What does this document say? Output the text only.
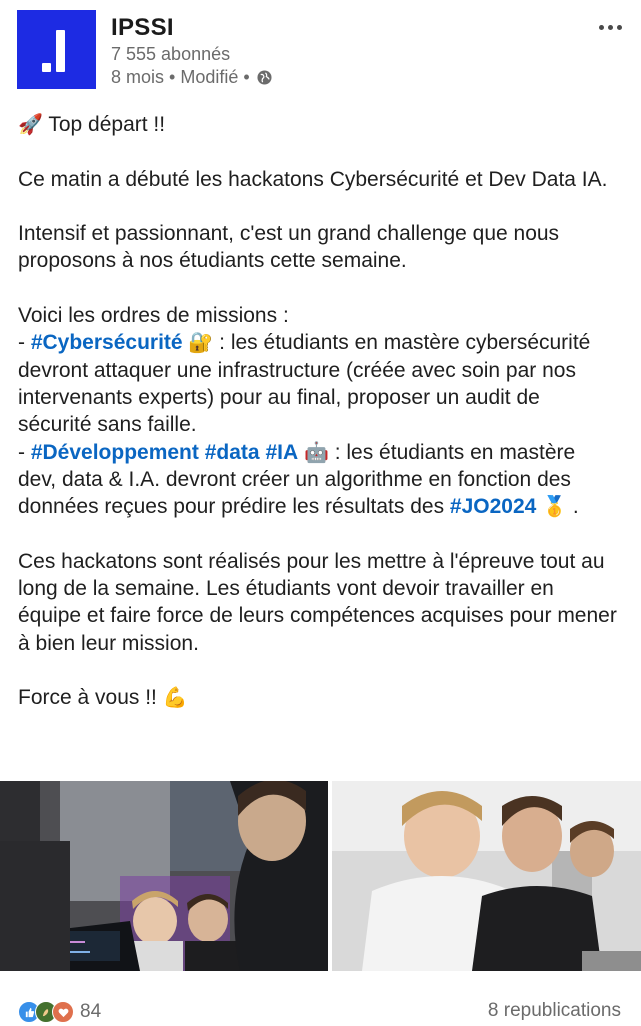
IPSSI
7 555 abonnés
8 mois • Modifié •

🚀 Top départ !!

Ce matin a débuté les hackatons Cybersécurité et Dev Data IA.

Intensif et passionnant, c'est un grand challenge que nous proposons à nos étudiants cette semaine.

Voici les ordres de missions :

- #Cybersécurité 🔐 : les étudiants en mastère cybersécurité devront attaquer une infrastructure (créée avec soin par nos intervenants experts) pour au final, proposer un audit de sécurité sans faille.

- #Développement #data #IA 🤖 : les étudiants en mastère dev, data & I.A. devront créer un algorithme en fonction des données reçues pour prédire les résultats des #JO2024 🥇 .

Ces hackatons sont réalisés pour les mettre à l'épreuve tout au long de la semaine. Les étudiants vont devoir travailler en équipe et faire force de leurs compétences acquises pour mener à bien leur mission.

Force à vous !! 💪

84	8 republications
